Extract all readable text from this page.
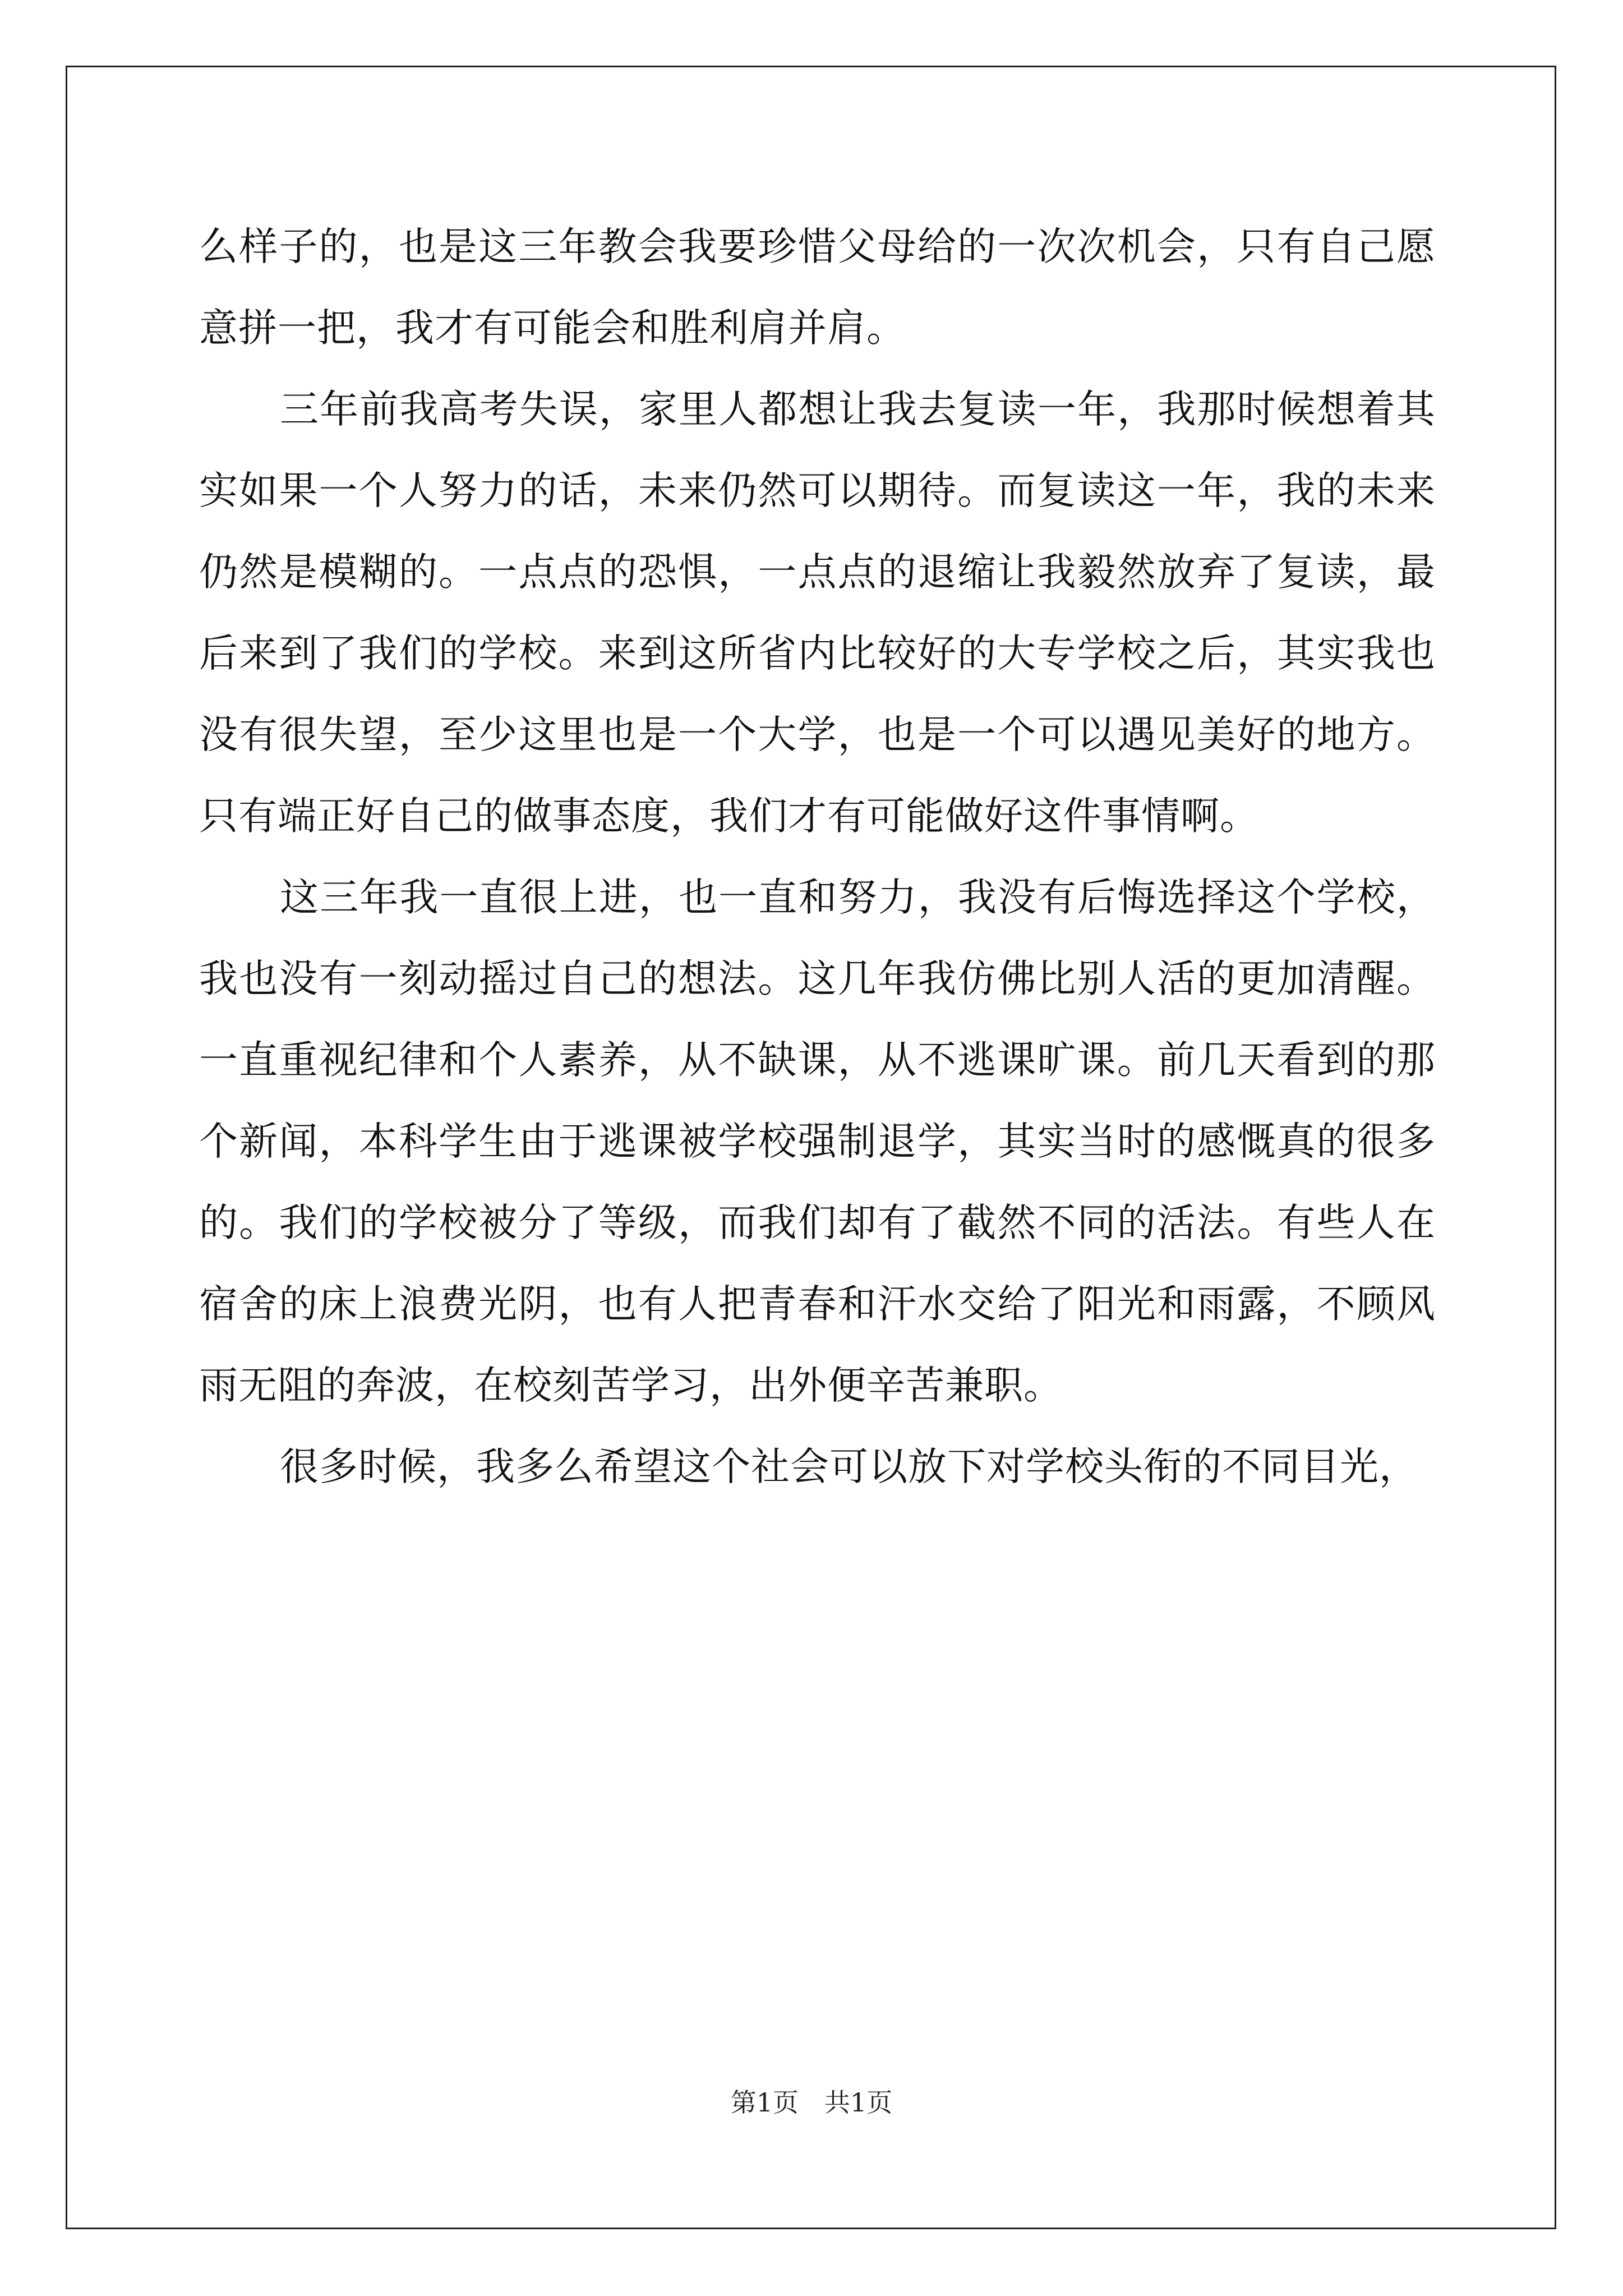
么样子的，也是这三年教会我要珍惜父母给的一次次机会，只有自己愿意拼一把，我才有可能会和胜利肩并肩。

三年前我高考失误，家里人都想让我去复读一年，我那时候想着其实如果一个人努力的话，未来仍然可以期待。而复读这一年，我的未来仍然是模糊的。一点点的恐惧，一点点的退缩让我毅然放弃了复读，最后来到了我们的学校。来到这所省内比较好的大专学校之后，其实我也没有很失望，至少这里也是一个大学，也是一个可以遇见美好的地方。只有端正好自己的做事态度，我们才有可能做好这件事情啊。

这三年我一直很上进，也一直和努力，我没有后悔选择这个学校，我也没有一刻动摇过自己的想法。这几年我仿佛比别人活的更加清醒。一直重视纪律和个人素养，从不缺课，从不逃课旷课。前几天看到的那个新闻，本科学生由于逃课被学校强制退学，其实当时的感慨真的很多的。我们的学校被分了等级，而我们却有了截然不同的活法。有些人在宿舍的床上浪费光阴，也有人把青春和汗水交给了阳光和雨露，不顾风雨无阻的奔波，在校刻苦学习，出外便辛苦兼职。

很多时候，我多么希望这个社会可以放下对学校头衔的不同目光，

第1页 共1页
